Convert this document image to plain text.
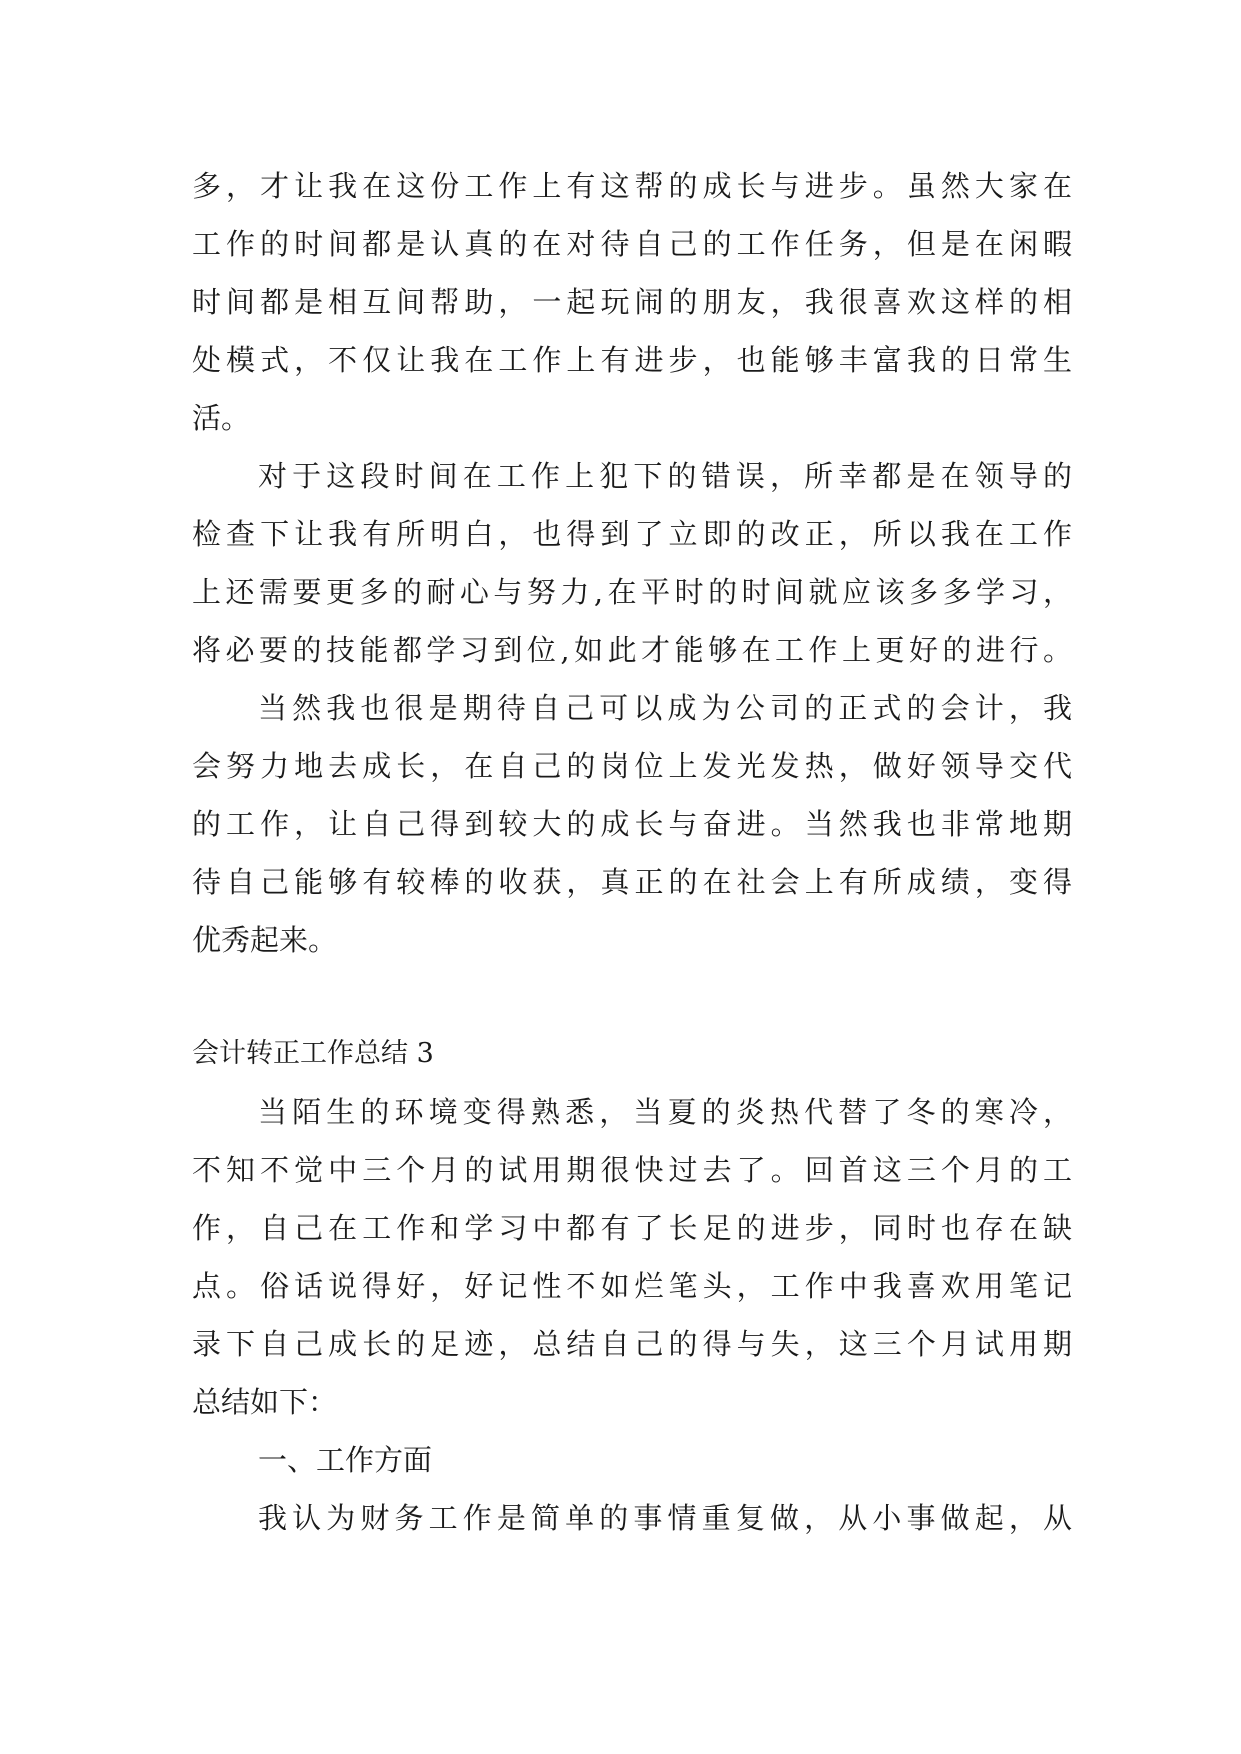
多，才让我在这份工作上有这帮的成长与进步。虽然大家在
工作的时间都是认真的在对待自己的工作任务，但是在闲暇
时间都是相互间帮助，一起玩闹的朋友，我很喜欢这样的相
处模式，不仅让我在工作上有进步，也能够丰富我的日常生
活。
对于这段时间在工作上犯下的错误，所幸都是在领导的
检查下让我有所明白，也得到了立即的改正，所以我在工作
上还需要更多的耐心与努力,在平时的时间就应该多多学习，
将必要的技能都学习到位,如此才能够在工作上更好的进行。
当然我也很是期待自己可以成为公司的正式的会计，我
会努力地去成长，在自己的岗位上发光发热，做好领导交代
的工作，让自己得到较大的成长与奋进。当然我也非常地期
待自己能够有较棒的收获，真正的在社会上有所成绩，变得
优秀起来。
会计转正工作总结 3
当陌生的环境变得熟悉，当夏的炎热代替了冬的寒冷，
不知不觉中三个月的试用期很快过去了。回首这三个月的工
作，自己在工作和学习中都有了长足的进步，同时也存在缺
点。俗话说得好，好记性不如烂笔头，工作中我喜欢用笔记
录下自己成长的足迹，总结自己的得与失，这三个月试用期
总结如下：
一、工作方面
我认为财务工作是简单的事情重复做，从小事做起，从
